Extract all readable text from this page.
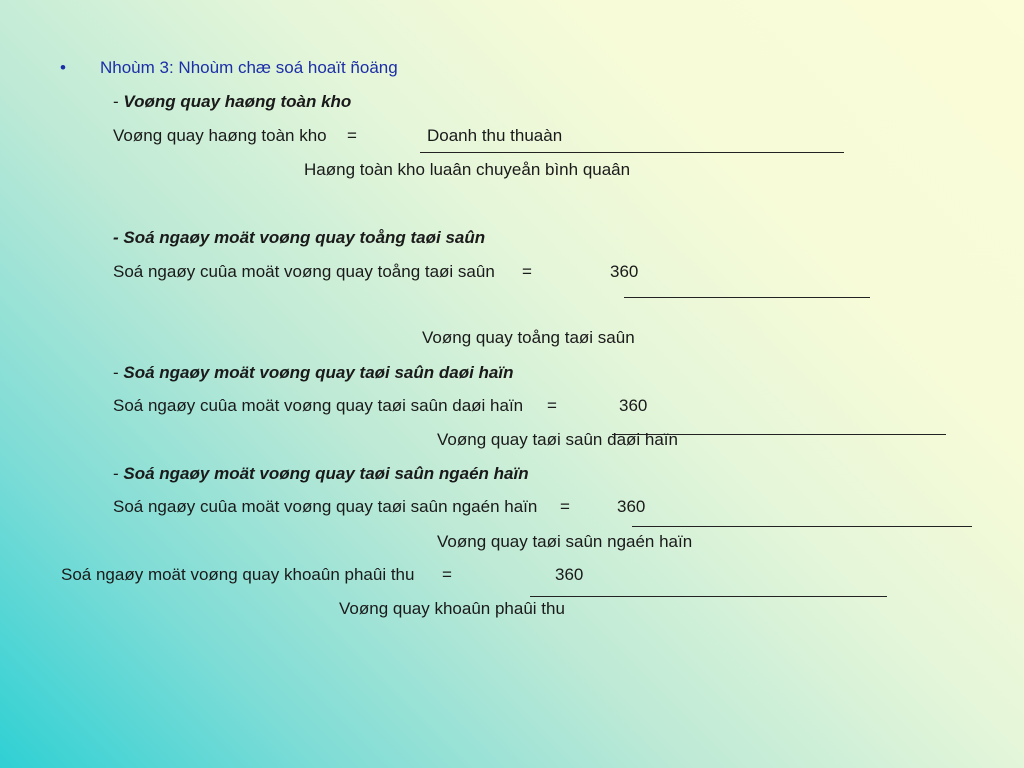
• Nhoùm 3: Nhoùm chæ soá hoaït ñoäng
- Voøng quay haøng toàn kho
Voøng quay haøng toàn kho =	Doanh thu thuaàn
Haøng toàn kho luaân chuyeån bình quaân
- Soá ngaøy moät voøng quay toång taøi saûn
Soá ngaøy cuûa moät voøng quay toång taøi saûn =	360
Voøng quay toång taøi saûn
- Soá ngaøy moät voøng quay taøi saûn daøi haïn
Soá ngaøy cuûa moät voøng quay taøi saûn daøi haïn =	360
Voøng quay taøi saûn daøi haïn
- Soá ngaøy moät voøng quay taøi saûn ngaén haïn
Soá ngaøy cuûa moät voøng quay taøi saûn ngaén haïn =	360
Voøng quay taøi saûn ngaén haïn
Soá ngaøy moät voøng quay khoaûn phaûi thu =	360
Voøng quay khoaûn phaûi thu
